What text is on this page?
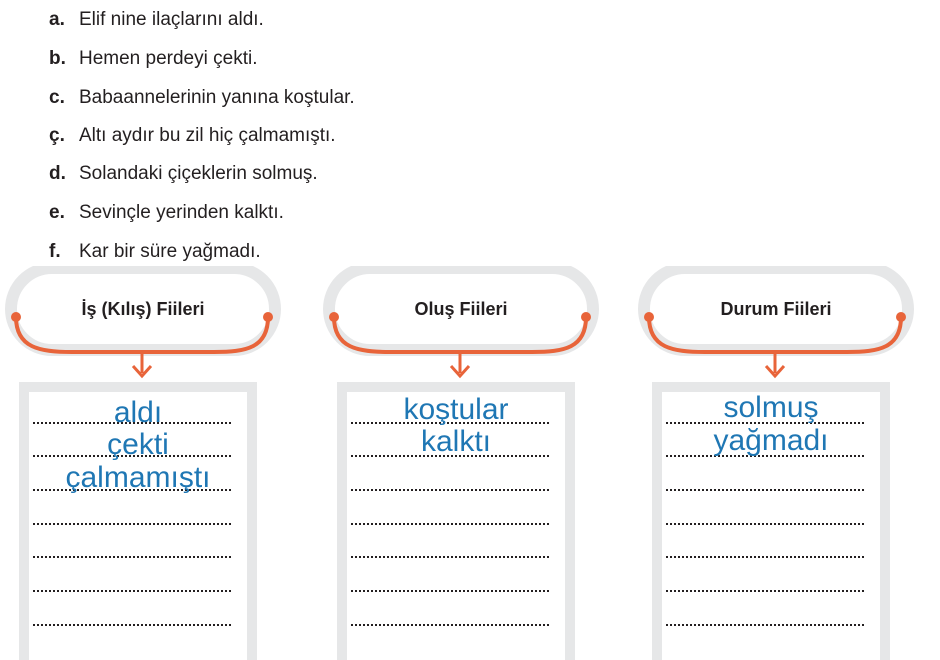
a. Elif nine ilaçlarını aldı.
b. Hemen perdeyi çekti.
c. Babaannelerinin yanına koştular.
ç. Altı aydır bu zil hiç çalmamıştı.
d. Solandaki çiçeklerin solmuş.
e. Sevinçle yerinden kalktı.
f. Kar bir süre yağmadı.
İş (Kılış) Fiileri
aldı
çekti
çalmamıştı
Oluş Fiileri
koştular
kalktı
Durum Fiileri
solmuş
yağmadı
